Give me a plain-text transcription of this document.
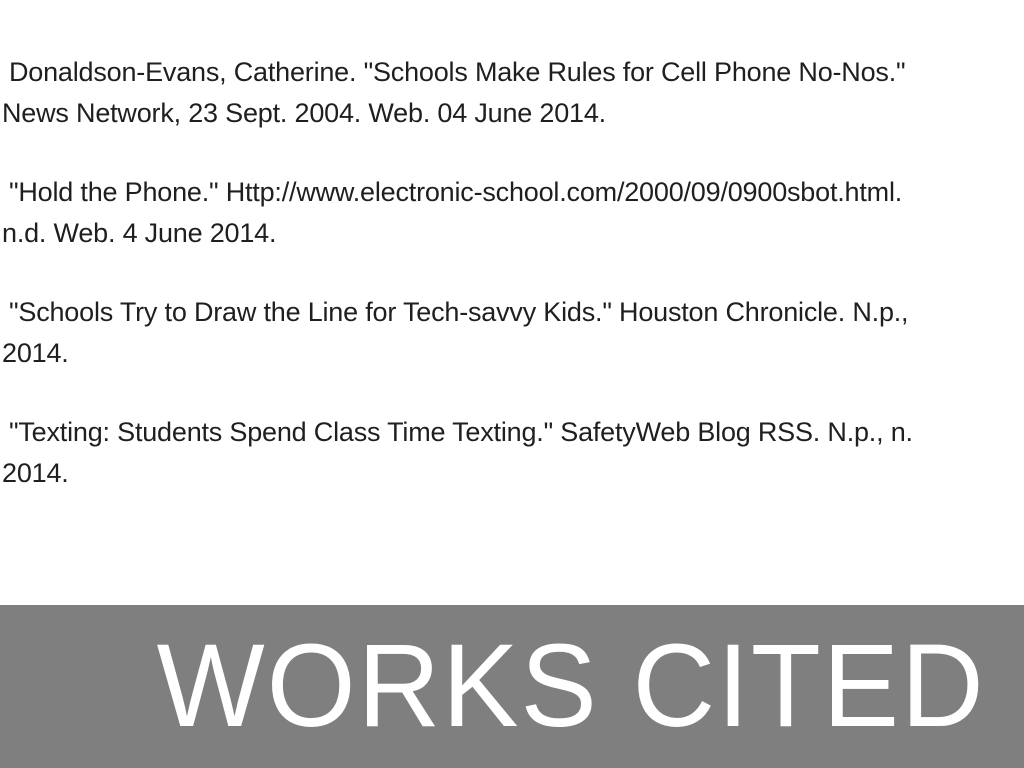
Donaldson-Evans, Catherine. "Schools Make Rules for Cell Phone No-Nos."
News Network, 23 Sept. 2004. Web. 04 June 2014.
"Hold the Phone." Http://www.electronic-school.com/2000/09/0900sbot.html.
n.d. Web. 4 June 2014.
"Schools Try to Draw the Line for Tech-savvy Kids." Houston Chronicle. N.p.,
2014.
"Texting: Students Spend Class Time Texting." SafetyWeb Blog RSS. N.p., n.
2014.
WORKS CITED
